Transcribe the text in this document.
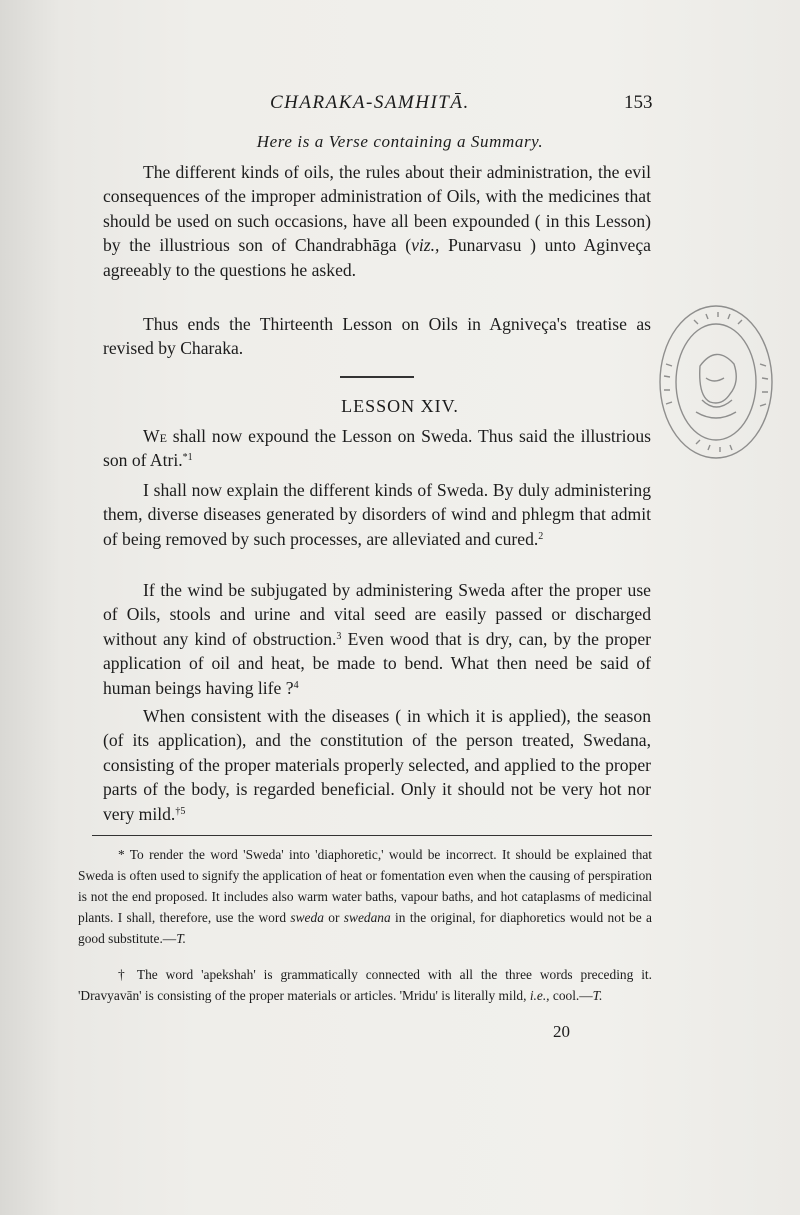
CHARAKA-SAMHITĀ.	153
Here is a Verse containing a Summary.

The different kinds of oils, the rules about their administration, the evil consequences of the improper administration of Oils, with the medicines that should be used on such occasions, have all been expounded ( in this Lesson) by the illustrious son of Chandrabhāga (viz., Punarvasu ) unto Aginveça agreeably to the questions he asked.

Thus ends the Thirteenth Lesson on Oils in Agniveça's treatise as revised by Charaka.

LESSON XIV.

We shall now expound the Lesson on Sweda. Thus said the illustrious son of Atri.$^{*1}$

I shall now explain the different kinds of Sweda. By duly administering them, diverse diseases generated by disorders of wind and phlegm that admit of being removed by such processes, are alleviated and cured.$^2$

If the wind be subjugated by administering Sweda after the proper use of Oils, stools and urine and vital seed are easily passed or discharged without any kind of obstruction.$^3$ Even wood that is dry, can, by the proper application of oil and heat, be made to bend. What then need be said of human beings having life ?$^4$

When consistent with the diseases ( in which it is applied), the season (of its application), and the constitution of the person treated, Swedana, consisting of the proper materials properly selected, and applied to the proper parts of the body, is regarded beneficial. Only it should not be very hot nor very mild.$^{\dagger 5}$

* To render the word 'Sweda' into 'diaphoretic,' would be incorrect. It should be explained that Sweda is often used to signify the application of heat or fomentation even when the causing of perspiration is not the end proposed. It includes also warm water baths, vapour baths, and hot cataplasms of medicinal plants. I shall, therefore, use the word sweda or swedana in the original, for diaphoretics would not be a good substitute.—T.

† The word 'apekshah' is grammatically connected with all the three words preceding it. 'Dravyavān' is consisting of the proper materials or articles. 'Mridu' is literally mild, i.e., cool.—T.

20
